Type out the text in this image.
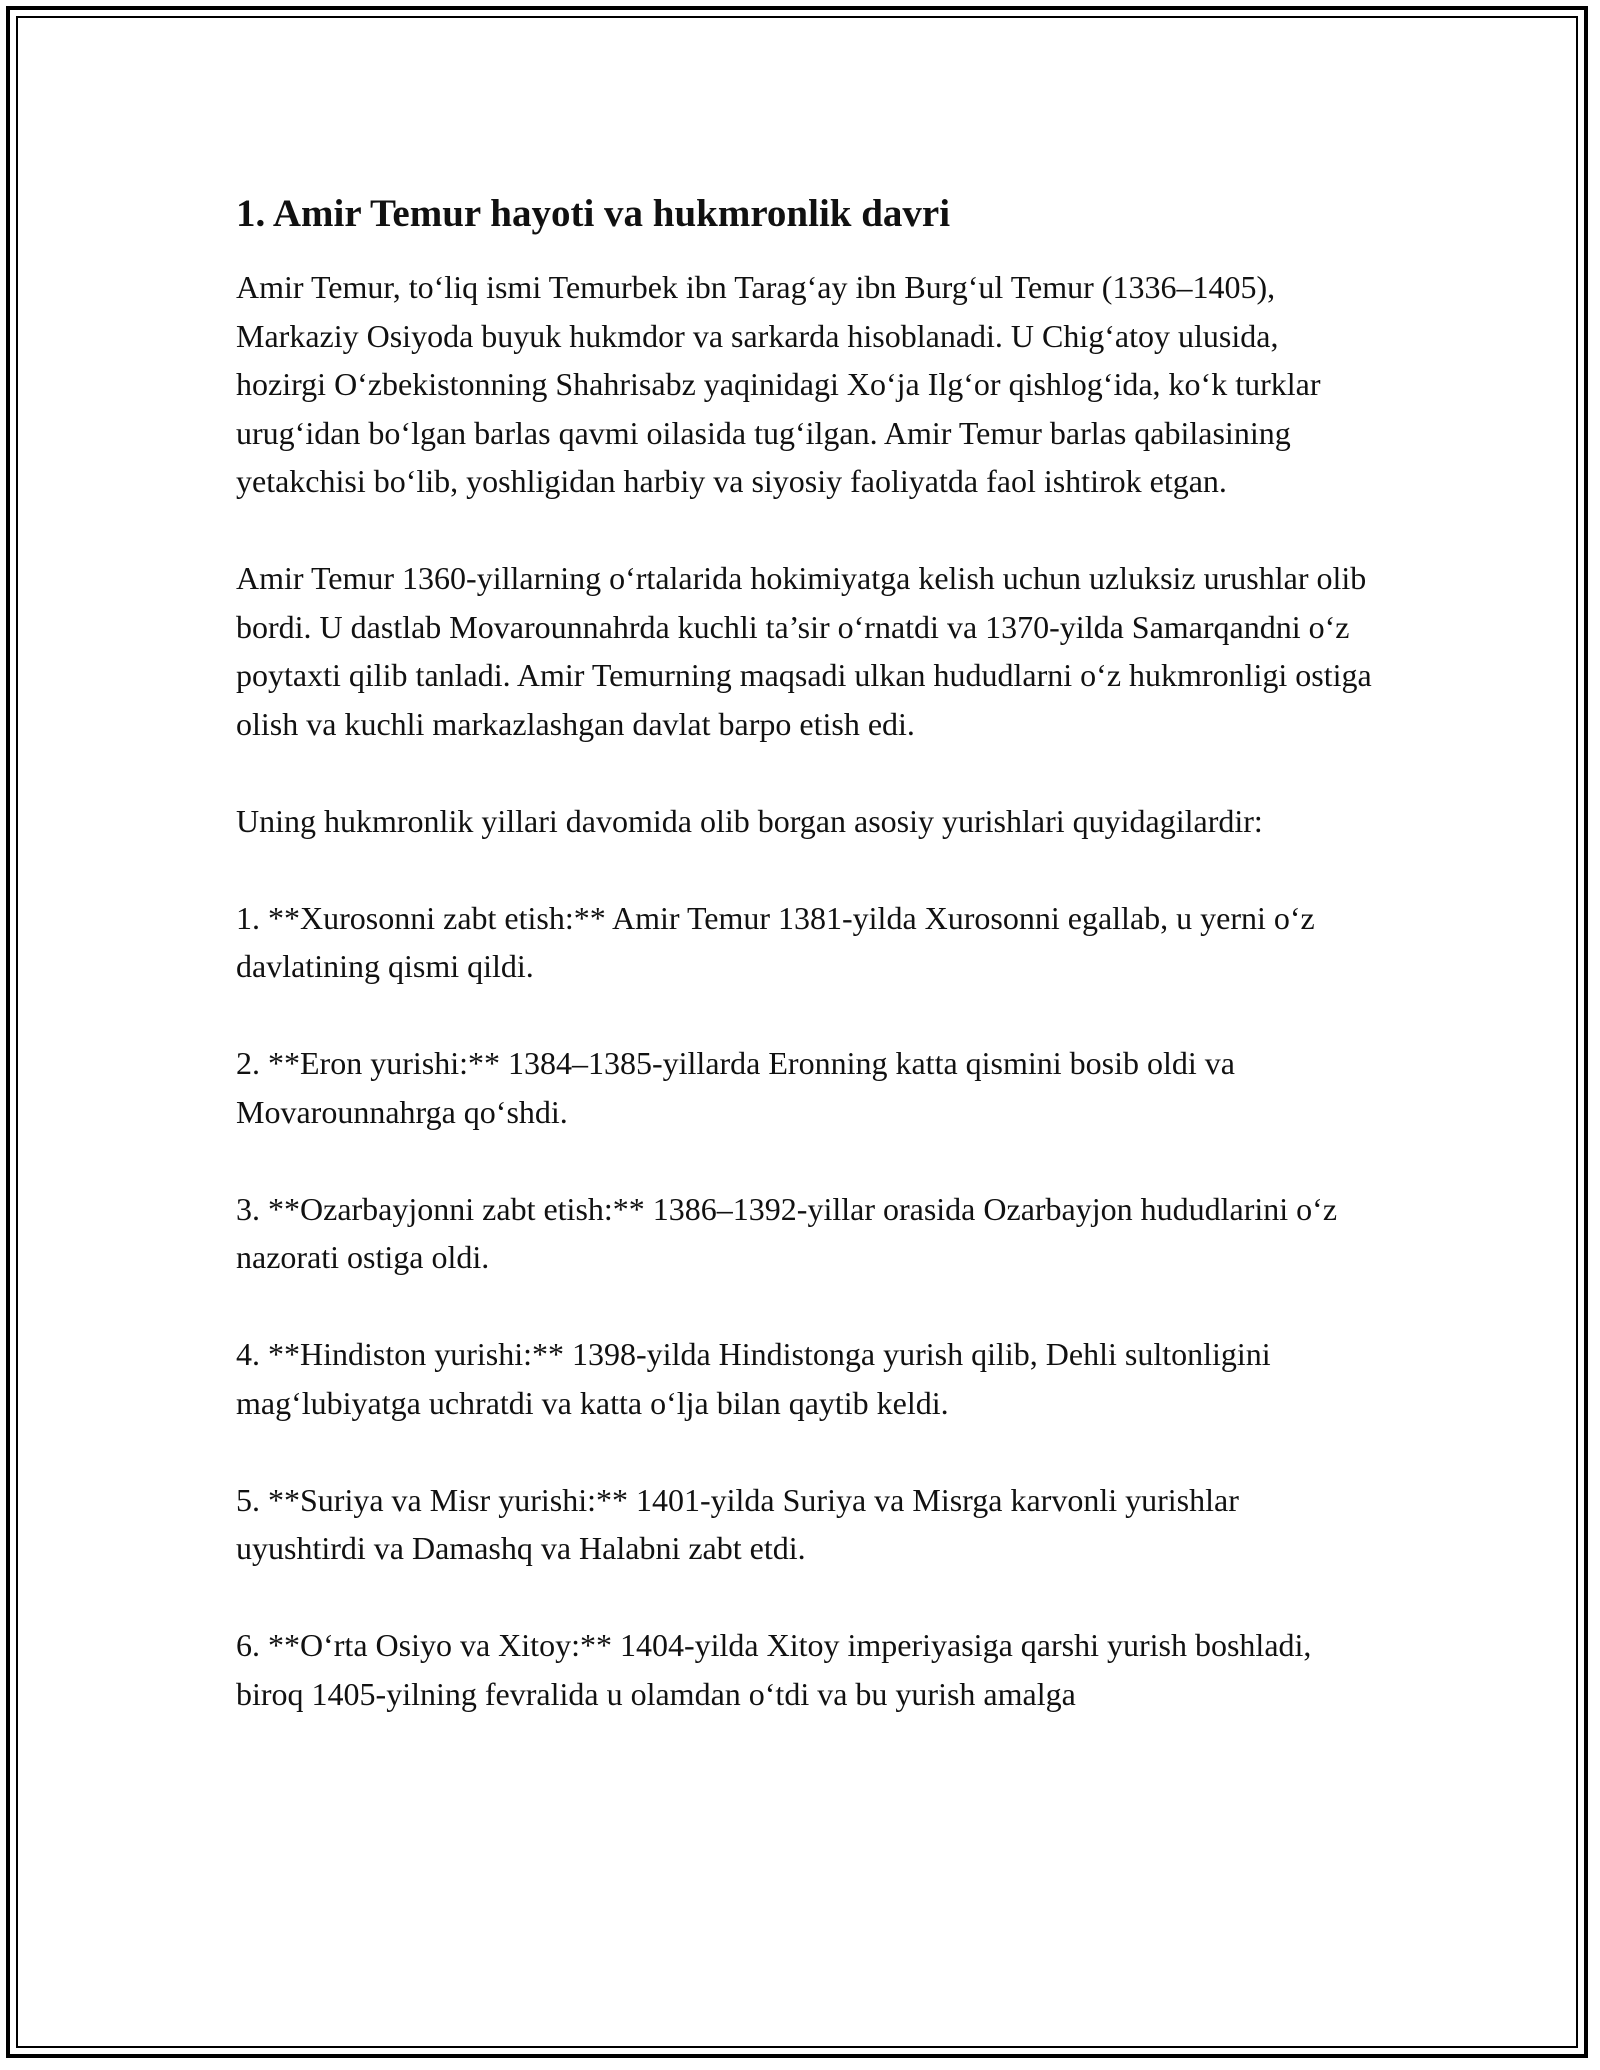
1. Amir Temur hayoti va hukmronlik davri

Amir Temur, to‘liq ismi Temurbek ibn Tarag‘ay ibn Burg‘ul Temur (1336–1405), Markaziy Osiyoda buyuk hukmdor va sarkarda hisoblanadi. U Chig‘atoy ulusida, hozirgi O‘zbekistonning Shahrisabz yaqinidagi Xo‘ja Ilg‘or qishlog‘ida, ko‘k turklar urug‘idan bo‘lgan barlas qavmi oilasida tug‘ilgan. Amir Temur barlas qabilasining yetakchisi bo‘lib, yoshligidan harbiy va siyosiy faoliyatda faol ishtirok etgan.

Amir Temur 1360-yillarning o‘rtalarida hokimiyatga kelish uchun uzluksiz urushlar olib bordi. U dastlab Movarounnahrda kuchli ta’sir o‘rnatdi va 1370-yilda Samarqandni o‘z poytaxti qilib tanladi. Amir Temurning maqsadi ulkan hududlarni o‘z hukmronligi ostiga olish va kuchli markazlashgan davlat barpo etish edi.

Uning hukmronlik yillari davomida olib borgan asosiy yurishlari quyidagilardir:

1. **Xurosonni zabt etish:** Amir Temur 1381-yilda Xurosonni egallab, u yerni o‘z davlatining qismi qildi.

2. **Eron yurishi:** 1384–1385-yillarda Eronning katta qismini bosib oldi va Movarounnahrga qo‘shdi.

3. **Ozarbayjonni zabt etish:** 1386–1392-yillar orasida Ozarbayjon hududlarini o‘z nazorati ostiga oldi.

4. **Hindiston yurishi:** 1398-yilda Hindistonga yurish qilib, Dehli sultonligini mag‘lubiyatga uchratdi va katta o‘lja bilan qaytib keldi.

5. **Suriya va Misr yurishi:** 1401-yilda Suriya va Misrga karvonli yurishlar uyushtirdi va Damashq va Halabni zabt etdi.

6. **O‘rta Osiyo va Xitoy:** 1404-yilda Xitoy imperiyasiga qarshi yurish boshladi, biroq 1405-yilning fevralida u olamdan o‘tdi va bu yurish amalga
